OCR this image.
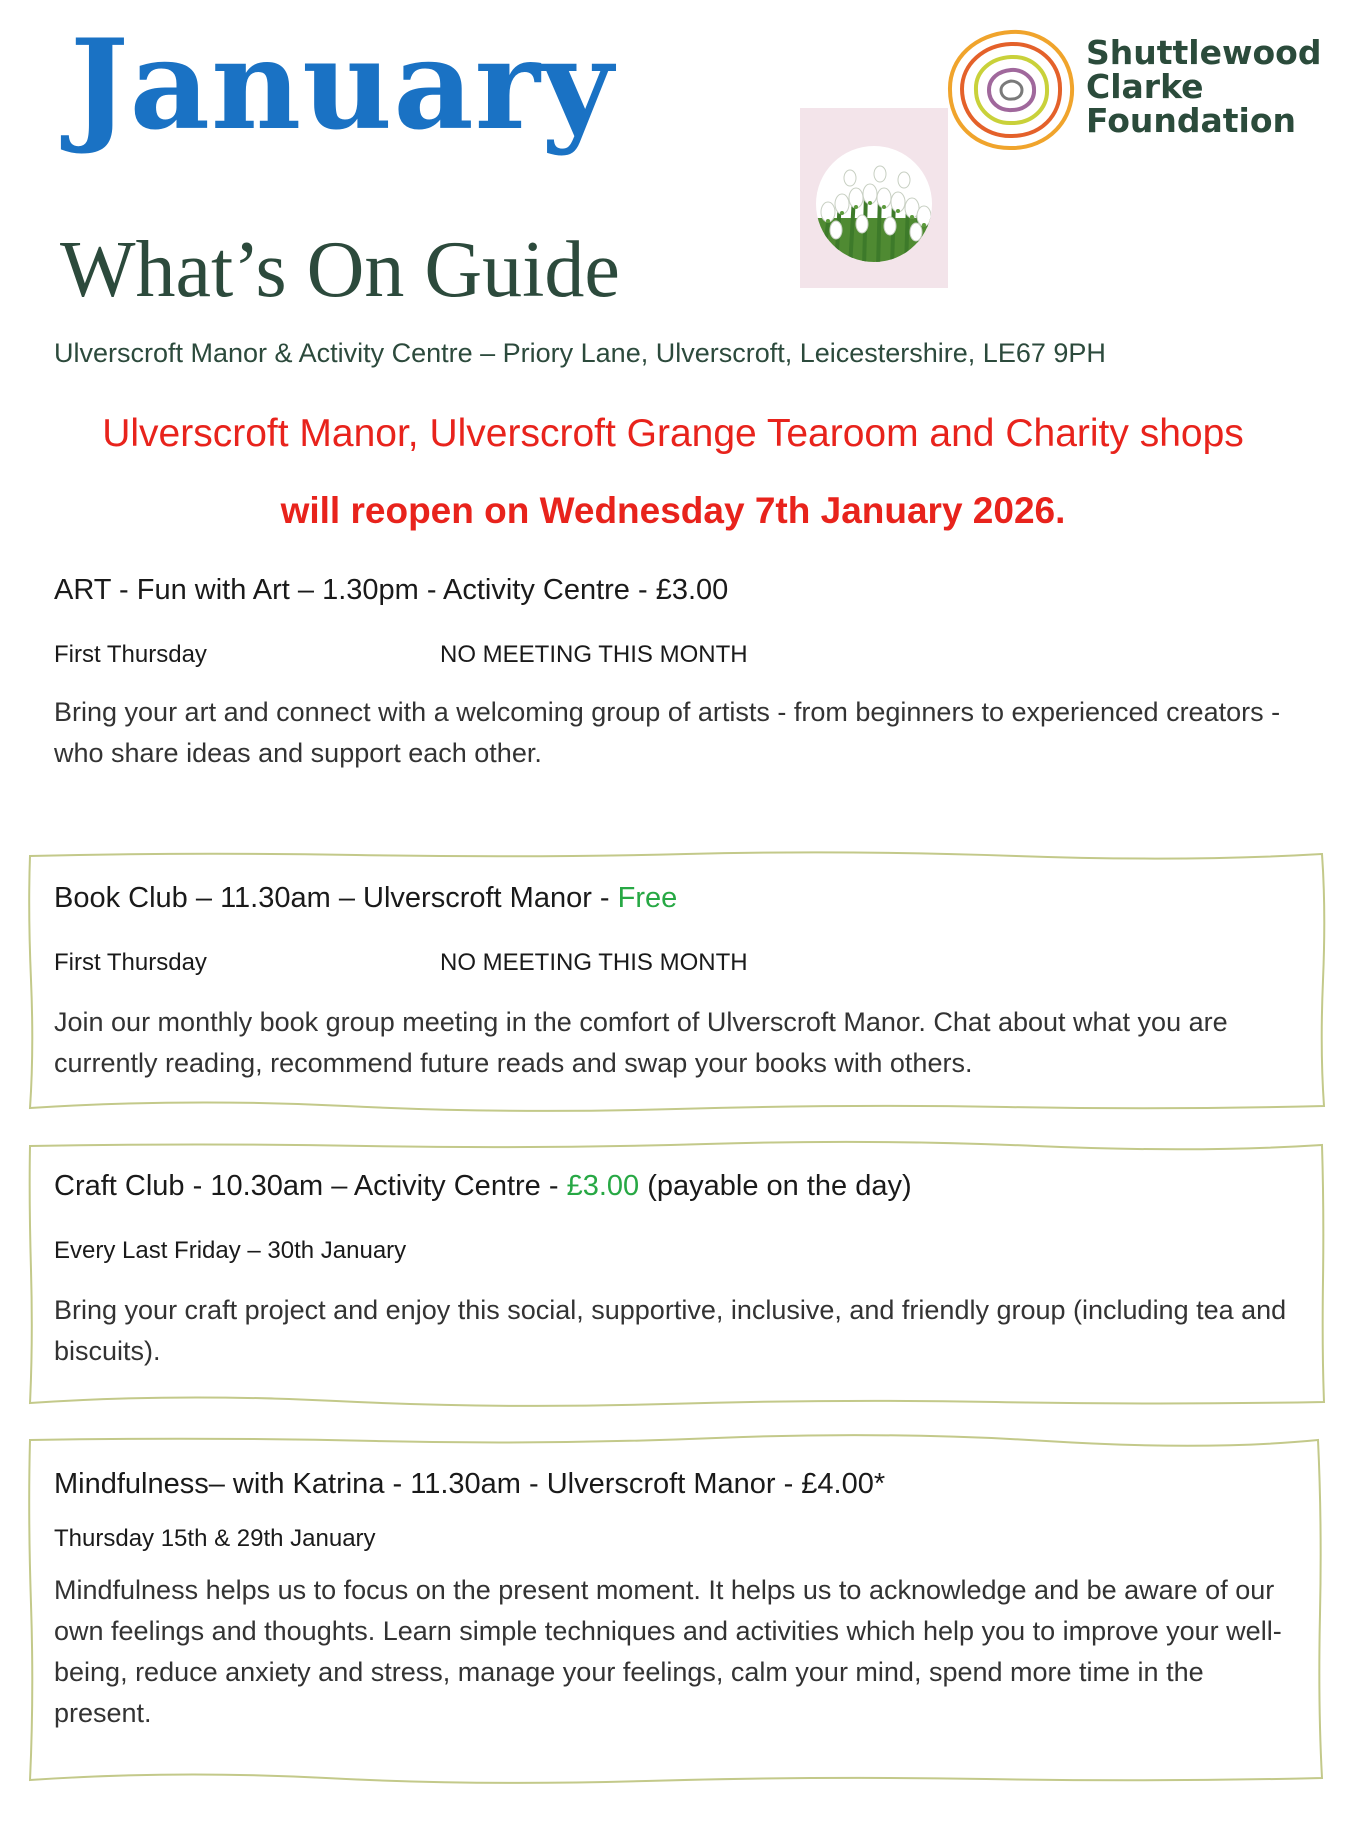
January	Shuttlewood
Clarke
Foundation
What’s On Guide
Ulverscroft Manor & Activity Centre – Priory Lane, Ulverscroft, Leicestershire, LE67 9PH
Ulverscroft Manor, Ulverscroft Grange Tearoom and Charity shops
will reopen on Wednesday 7th January 2026.
ART - Fun with Art – 1.30pm - Activity Centre - £3.00
First Thursday	NO MEETING THIS MONTH
Bring your art and connect with a welcoming group of artists - from beginners to experienced creators - who share ideas and support each other.
Book Club – 11.30am – Ulverscroft Manor - Free
First Thursday	NO MEETING THIS MONTH
Join our monthly book group meeting in the comfort of Ulverscroft Manor. Chat about what you are currently reading, recommend future reads and swap your books with others.
Craft Club - 10.30am – Activity Centre - £3.00 (payable on the day)
Every Last Friday – 30th January
Bring your craft project and enjoy this social, supportive, inclusive, and friendly group (including tea and biscuits).
Mindfulness– with Katrina - 11.30am - Ulverscroft Manor - £4.00*
Thursday 15th & 29th January
Mindfulness helps us to focus on the present moment. It helps us to acknowledge and be aware of our own feelings and thoughts. Learn simple techniques and activities which help you to improve your well-being, reduce anxiety and stress, manage your feelings, calm your mind, spend more time in the present.
